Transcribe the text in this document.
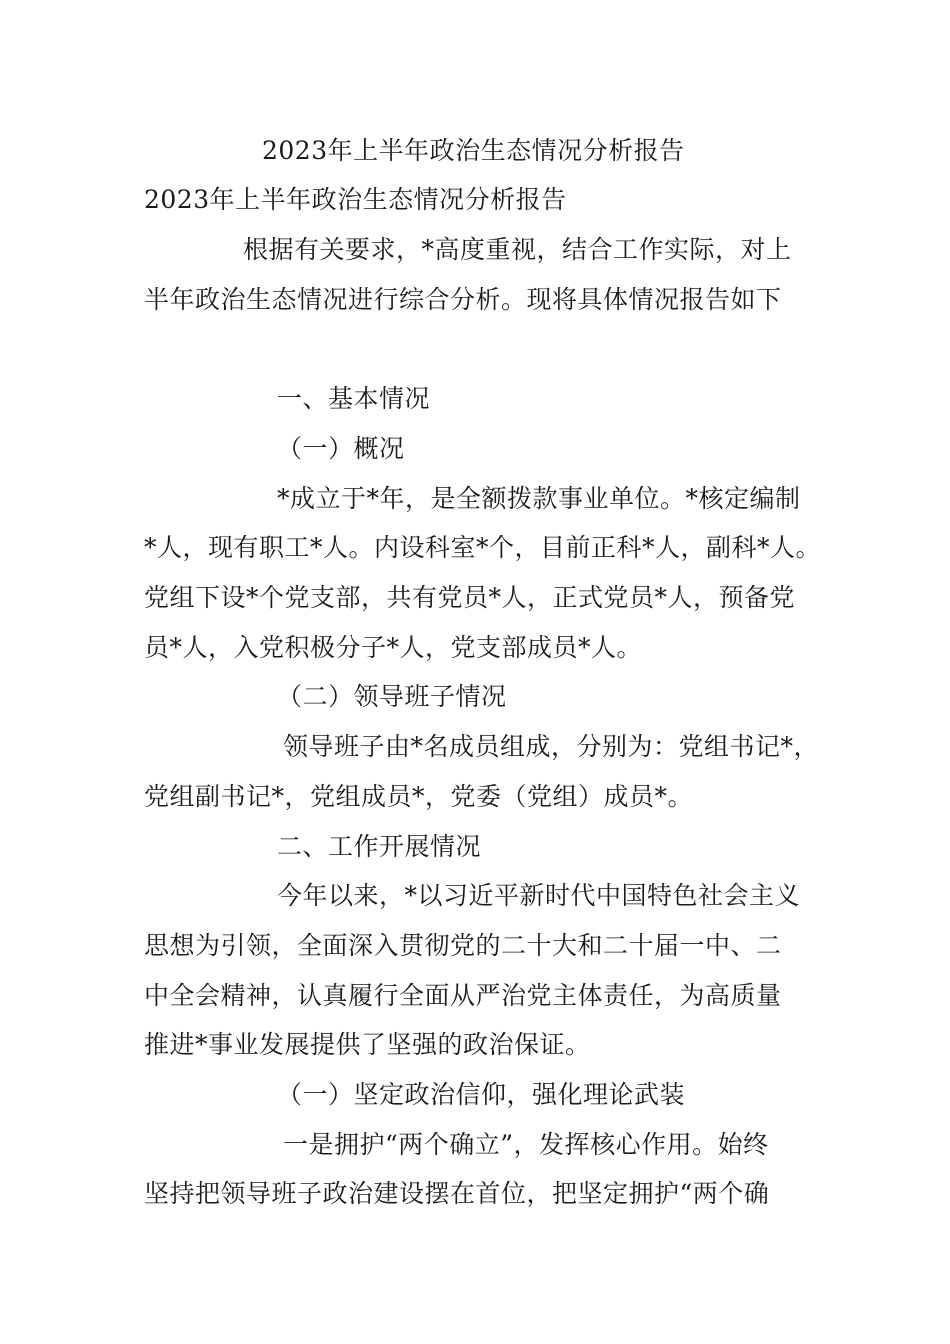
2023年上半年政治生态情况分析报告
2023年上半年政治生态情况分析报告
根据有关要求，*高度重视，结合工作实际，对上
半年政治生态情况进行综合分析。现将具体情况报告如下
一、基本情况
（一）概况
*成立于*年，是全额拨款事业单位。*核定编制
*人，现有职工*人。内设科室*个，目前正科*人，副科*人。
党组下设*个党支部，共有党员*人，正式党员*人，预备党
员*人，入党积极分子*人，党支部成员*人。
（二）领导班子情况
领导班子由*名成员组成，分别为：党组书记*，
党组副书记*，党组成员*，党委（党组）成员*。
二、工作开展情况
今年以来，*以习近平新时代中国特色社会主义
思想为引领，全面深入贯彻党的二十大和二十届一中、二
中全会精神，认真履行全面从严治党主体责任，为高质量
推进*事业发展提供了坚强的政治保证。
（一）坚定政治信仰，强化理论武装
一是拥护“两个确立”，发挥核心作用。始终
坚持把领导班子政治建设摆在首位，把坚定拥护“两个确
